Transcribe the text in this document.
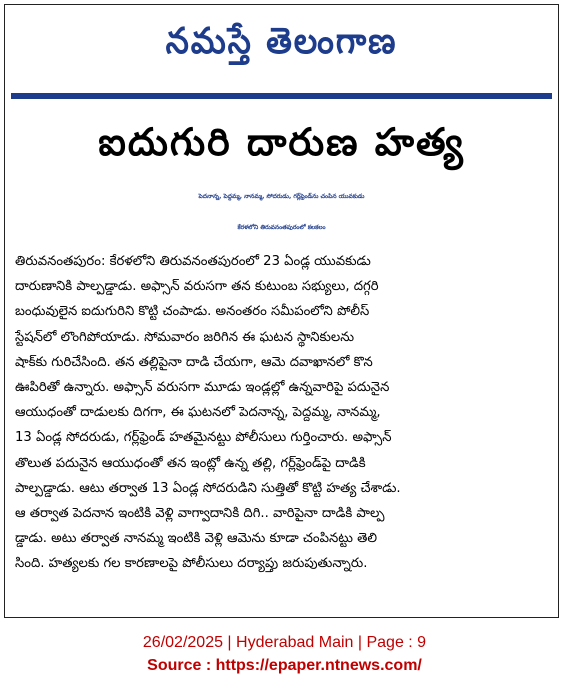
నమస్తే తెలంగాణ
ఐదుగురి దారుణ హత్య
పెదనాన్న, పెద్దమ్మ, నానమ్మ, సోదరుడు, గర్ల్‌ఫ్రెండ్‌ను చంపిన యువకుడు
కేరళలోని తిరువనంతపురంలో కలకలం
తిరువనంతపురం: కేరళలోని తిరువనంతపురంలో 23 ఏండ్ల యువకుడు
దారుణానికి పాల్పడ్డాడు. అఫ్సాన్ వరుసగా తన కుటుంబ సభ్యులు, దగ్గరి
బంధువులైన ఐదుగురిని కొట్టి చంపాడు. అనంతరం సమీపంలోని పోలీస్
స్టేషన్‌లో లొంగిపోయాడు. సోమవారం జరిగిన ఈ ఘటన స్థానికులను
షాక్‌కు గురిచేసింది. తన తల్లిపైనా దాడి చేయగా, ఆమె దవాఖానలో కొన
ఊపిరితో ఉన్నారు. అఫ్సాన్ వరుసగా మూడు ఇండ్లల్లో ఉన్నవారిపై పదునైన
ఆయుధంతో దాడులకు దిగగా, ఈ ఘటనలో పెదనాన్న, పెద్దమ్మ, నానమ్మ,
13 ఏండ్ల సోదరుడు, గర్ల్‌ఫ్రెండ్ హతమైనట్టు పోలీసులు గుర్తించారు. అఫ్సాన్
తొలుత పదునైన ఆయుధంతో తన ఇంట్లో ఉన్న తల్లి, గర్ల్‌ఫ్రెండ్‌పై దాడికి
పాల్పడ్డాడు. ఆటు తర్వాత 13 ఏండ్ల సోదరుడిని సుత్తితో కొట్టి హత్య చేశాడు.
ఆ తర్వాత పెదనాన ఇంటికి వెళ్లి వాగ్వాదానికి దిగి.. వారిపైనా దాడికి పాల్ప
డ్డాడు. అటు తర్వాత నానమ్మ ఇంటికి వెళ్లి ఆమెను కూడా చంపినట్టు తెలి
సింది. హత్యలకు గల కారణాలపై పోలీసులు దర్యాప్తు జరుపుతున్నారు.
26/02/2025 | Hyderabad Main | Page : 9
Source : https://epaper.ntnews.com/
